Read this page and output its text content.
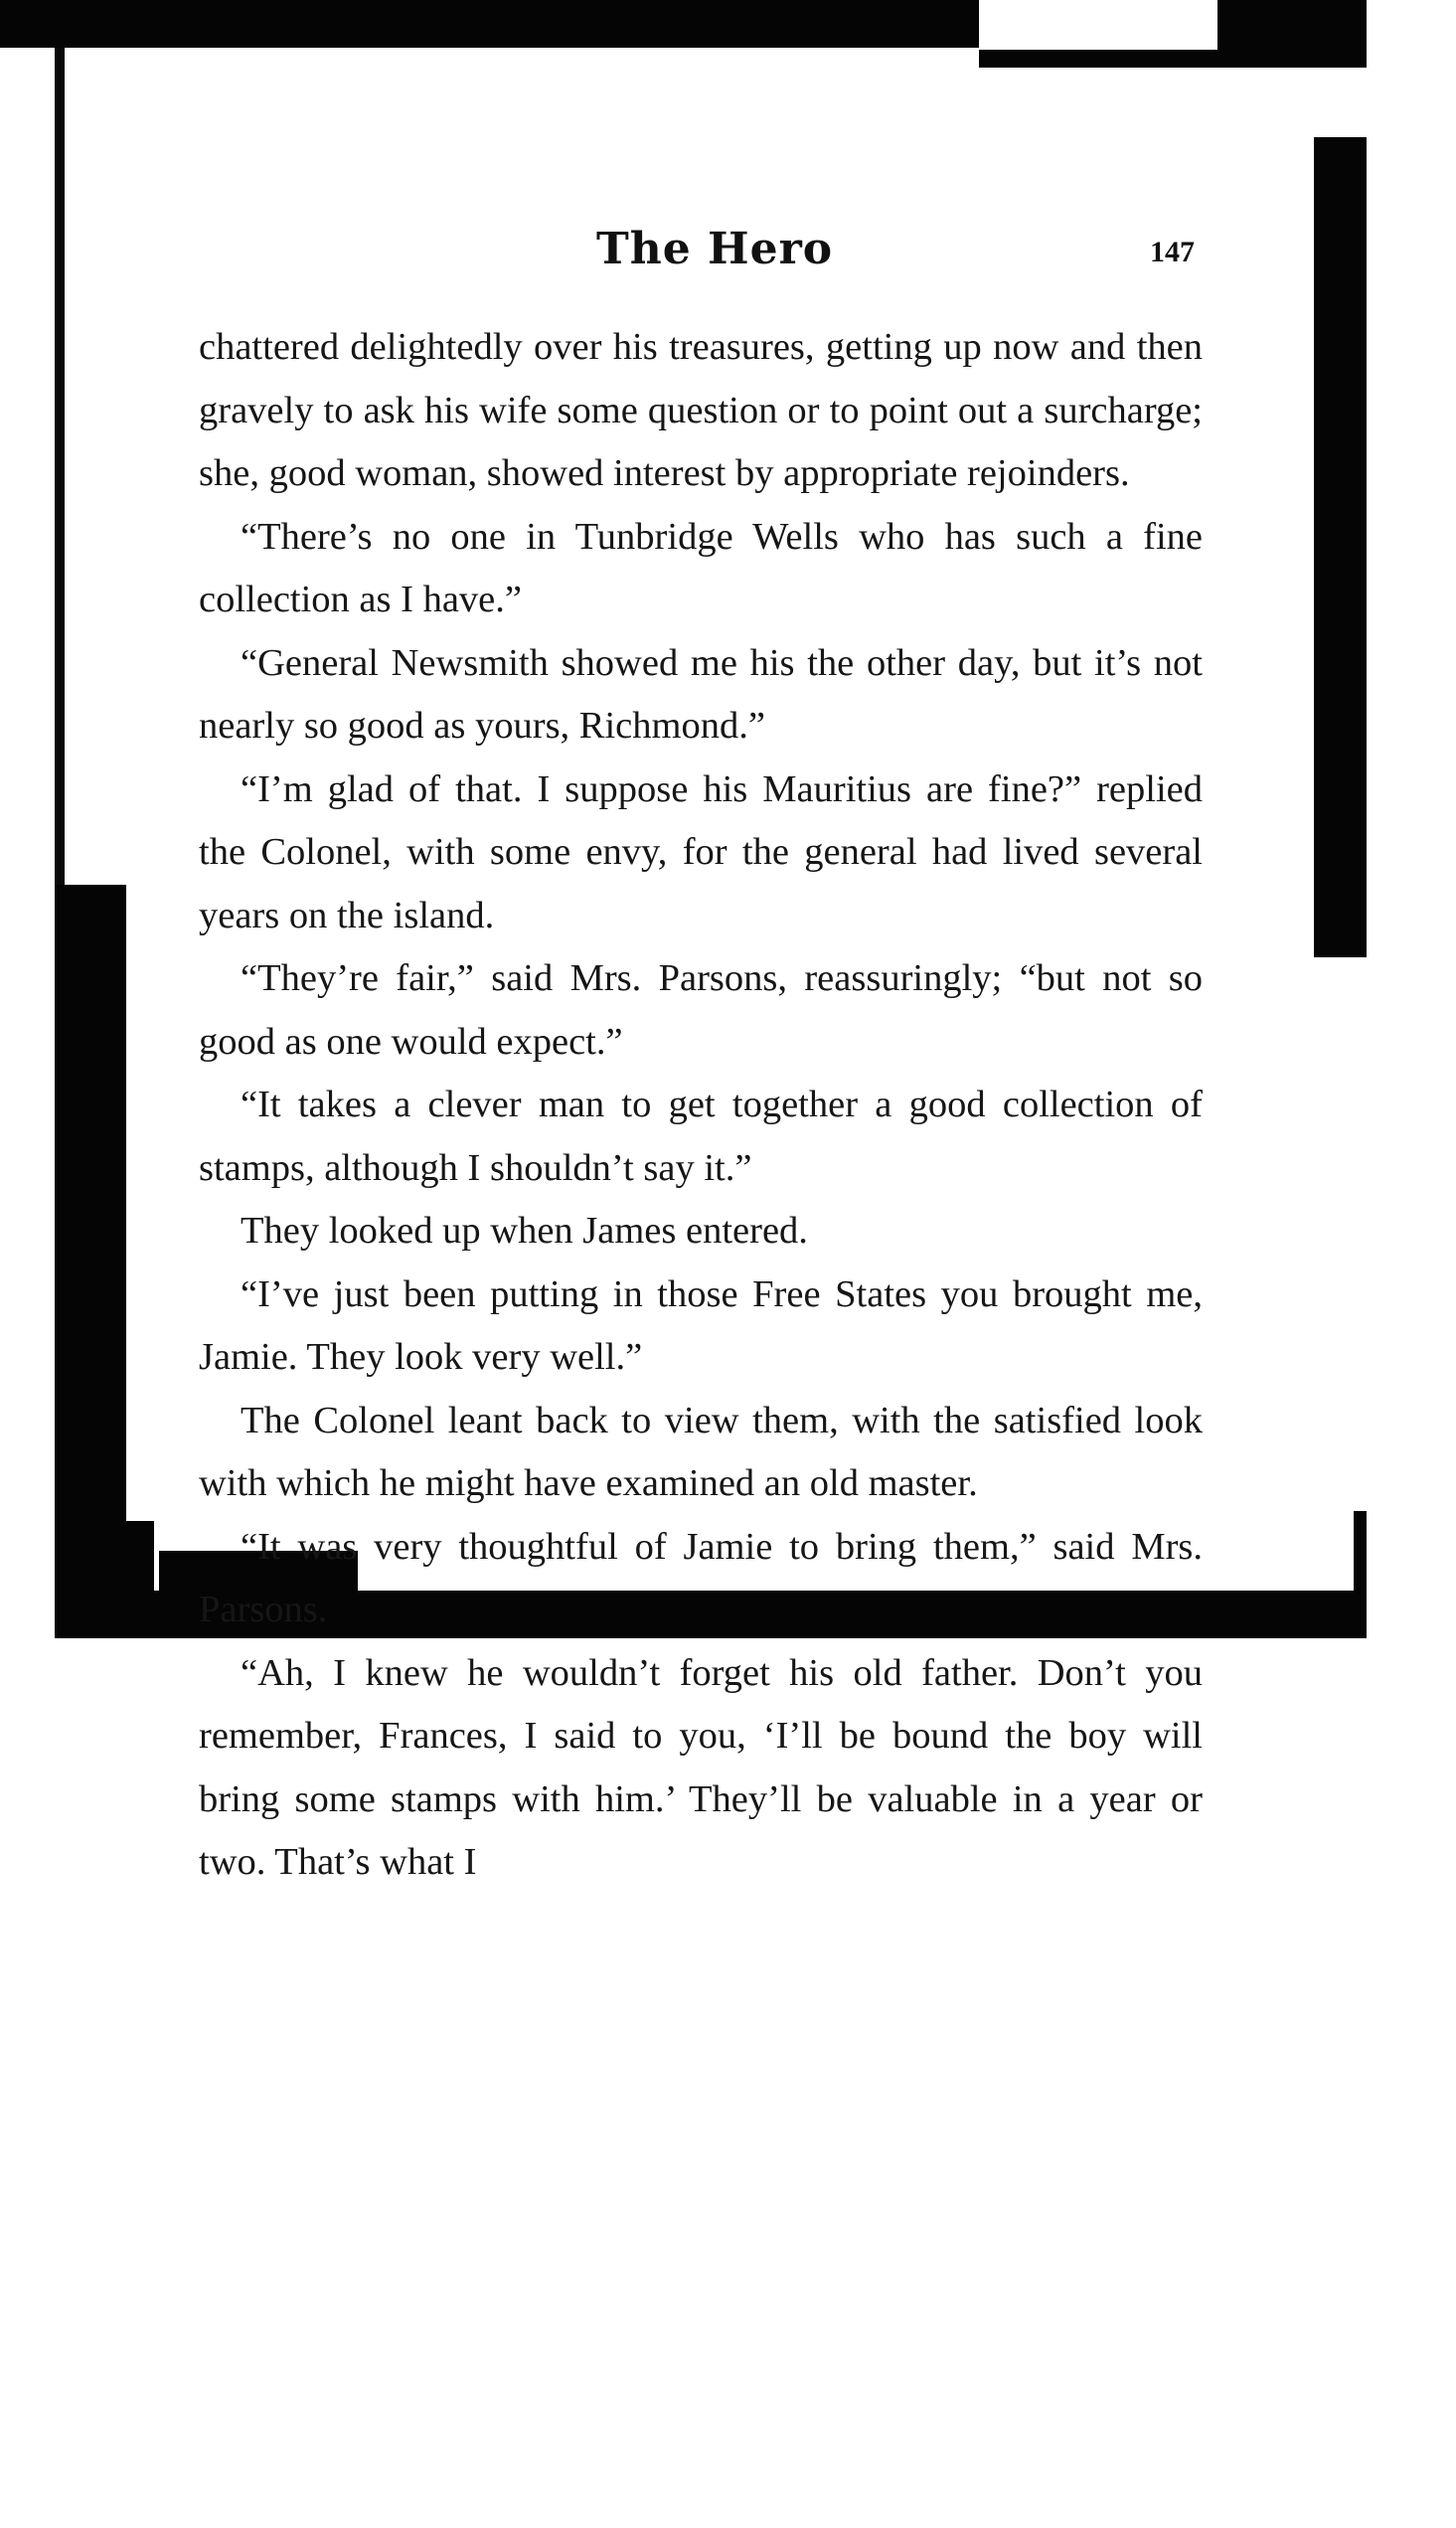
The Hero	147

chattered delightedly over his treasures, getting up now and then gravely to ask his wife some question or to point out a surcharge; she, good woman, showed interest by appropriate rejoinders.

“There’s no one in Tunbridge Wells who has such a fine collection as I have.”

“General Newsmith showed me his the other day, but it’s not nearly so good as yours, Richmond.”

“I’m glad of that. I suppose his Mauritius are fine?” replied the Colonel, with some envy, for the general had lived several years on the island.

“They’re fair,” said Mrs. Parsons, reassuringly; “but not so good as one would expect.”

“It takes a clever man to get together a good collection of stamps, although I shouldn’t say it.”

They looked up when James entered.

“I’ve just been putting in those Free States you brought me, Jamie. They look very well.”

The Colonel leant back to view them, with the satisfied look with which he might have examined an old master.

“It was very thoughtful of Jamie to bring them,” said Mrs. Parsons.

“Ah, I knew he wouldn’t forget his old father. Don’t you remember, Frances, I said to you, ‘I’ll be bound the boy will bring some stamps with him.’ They’ll be valuable in a year or two. That’s what I
